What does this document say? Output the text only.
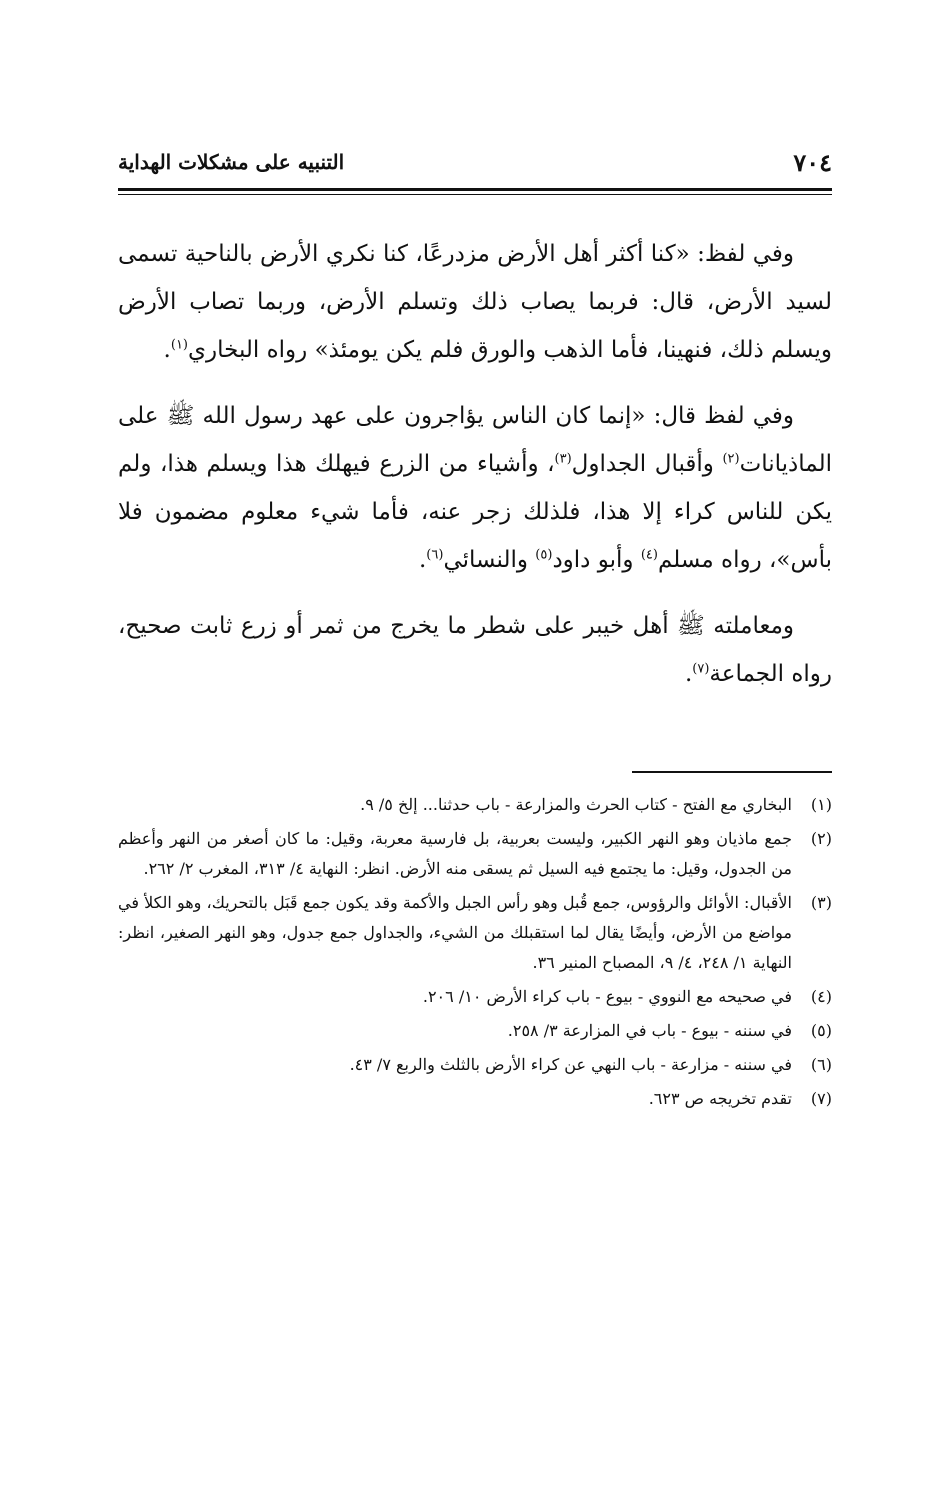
٧٠٤
التنبيه على مشكلات الهداية

وفي لفظ: «كنا أكثر أهل الأرض مزدرعًا، كنا نكري الأرض بالناحية تسمى لسيد الأرض، قال: فربما يصاب ذلك وتسلم الأرض، وربما تصاب الأرض ويسلم ذلك، فنهينا، فأما الذهب والورق فلم يكن يومئذ» رواه البخاري$^{(١)}$.

وفي لفظ قال: «إنما كان الناس يؤاجرون على عهد رسول الله ﷺ على الماذيانات$^{(٢)}$ وأقبال الجداول$^{(٣)}$، وأشياء من الزرع فيهلك هذا ويسلم هذا، ولم يكن للناس كراء إلا هذا، فلذلك زجر عنه، فأما شيء معلوم مضمون فلا بأس»، رواه مسلم$^{(٤)}$ وأبو داود$^{(٥)}$ والنسائي$^{(٦)}$.

ومعاملته ﷺ أهل خيبر على شطر ما يخرج من ثمر أو زرع ثابت صحيح، رواه الجماعة$^{(٧)}$.

(١)
البخاري مع الفتح - كتاب الحرث والمزارعة - باب حدثنا... إلخ ٥/ ٩.
(٢)
جمع ماذيان وهو النهر الكبير، وليست بعربية، بل فارسية معربة، وقيل: ما كان أصغر من النهر وأعظم من الجدول، وقيل: ما يجتمع فيه السيل ثم يسقى منه الأرض. انظر: النهاية ٤/ ٣١٣، المغرب ٢/ ٢٦٢.
(٣)
الأقبال: الأوائل والرؤوس، جمع قُبل وهو رأس الجبل والأكمة وقد يكون جمع قَبَل بالتحريك، وهو الكلأ في مواضع من الأرض، وأيضًا يقال لما استقبلك من الشيء، والجداول جمع جدول، وهو النهر الصغير، انظر: النهاية ١/ ٢٤٨، ٤/ ٩، المصباح المنير ٣٦.
(٤)
في صحيحه مع النووي - بيوع - باب كراء الأرض ١٠/ ٢٠٦.
(٥)
في سننه - بيوع - باب في المزارعة ٣/ ٢٥٨.
(٦)
في سننه - مزارعة - باب النهي عن كراء الأرض بالثلث والربع ٧/ ٤٣.
(٧)
تقدم تخريجه ص ٦٢٣.
